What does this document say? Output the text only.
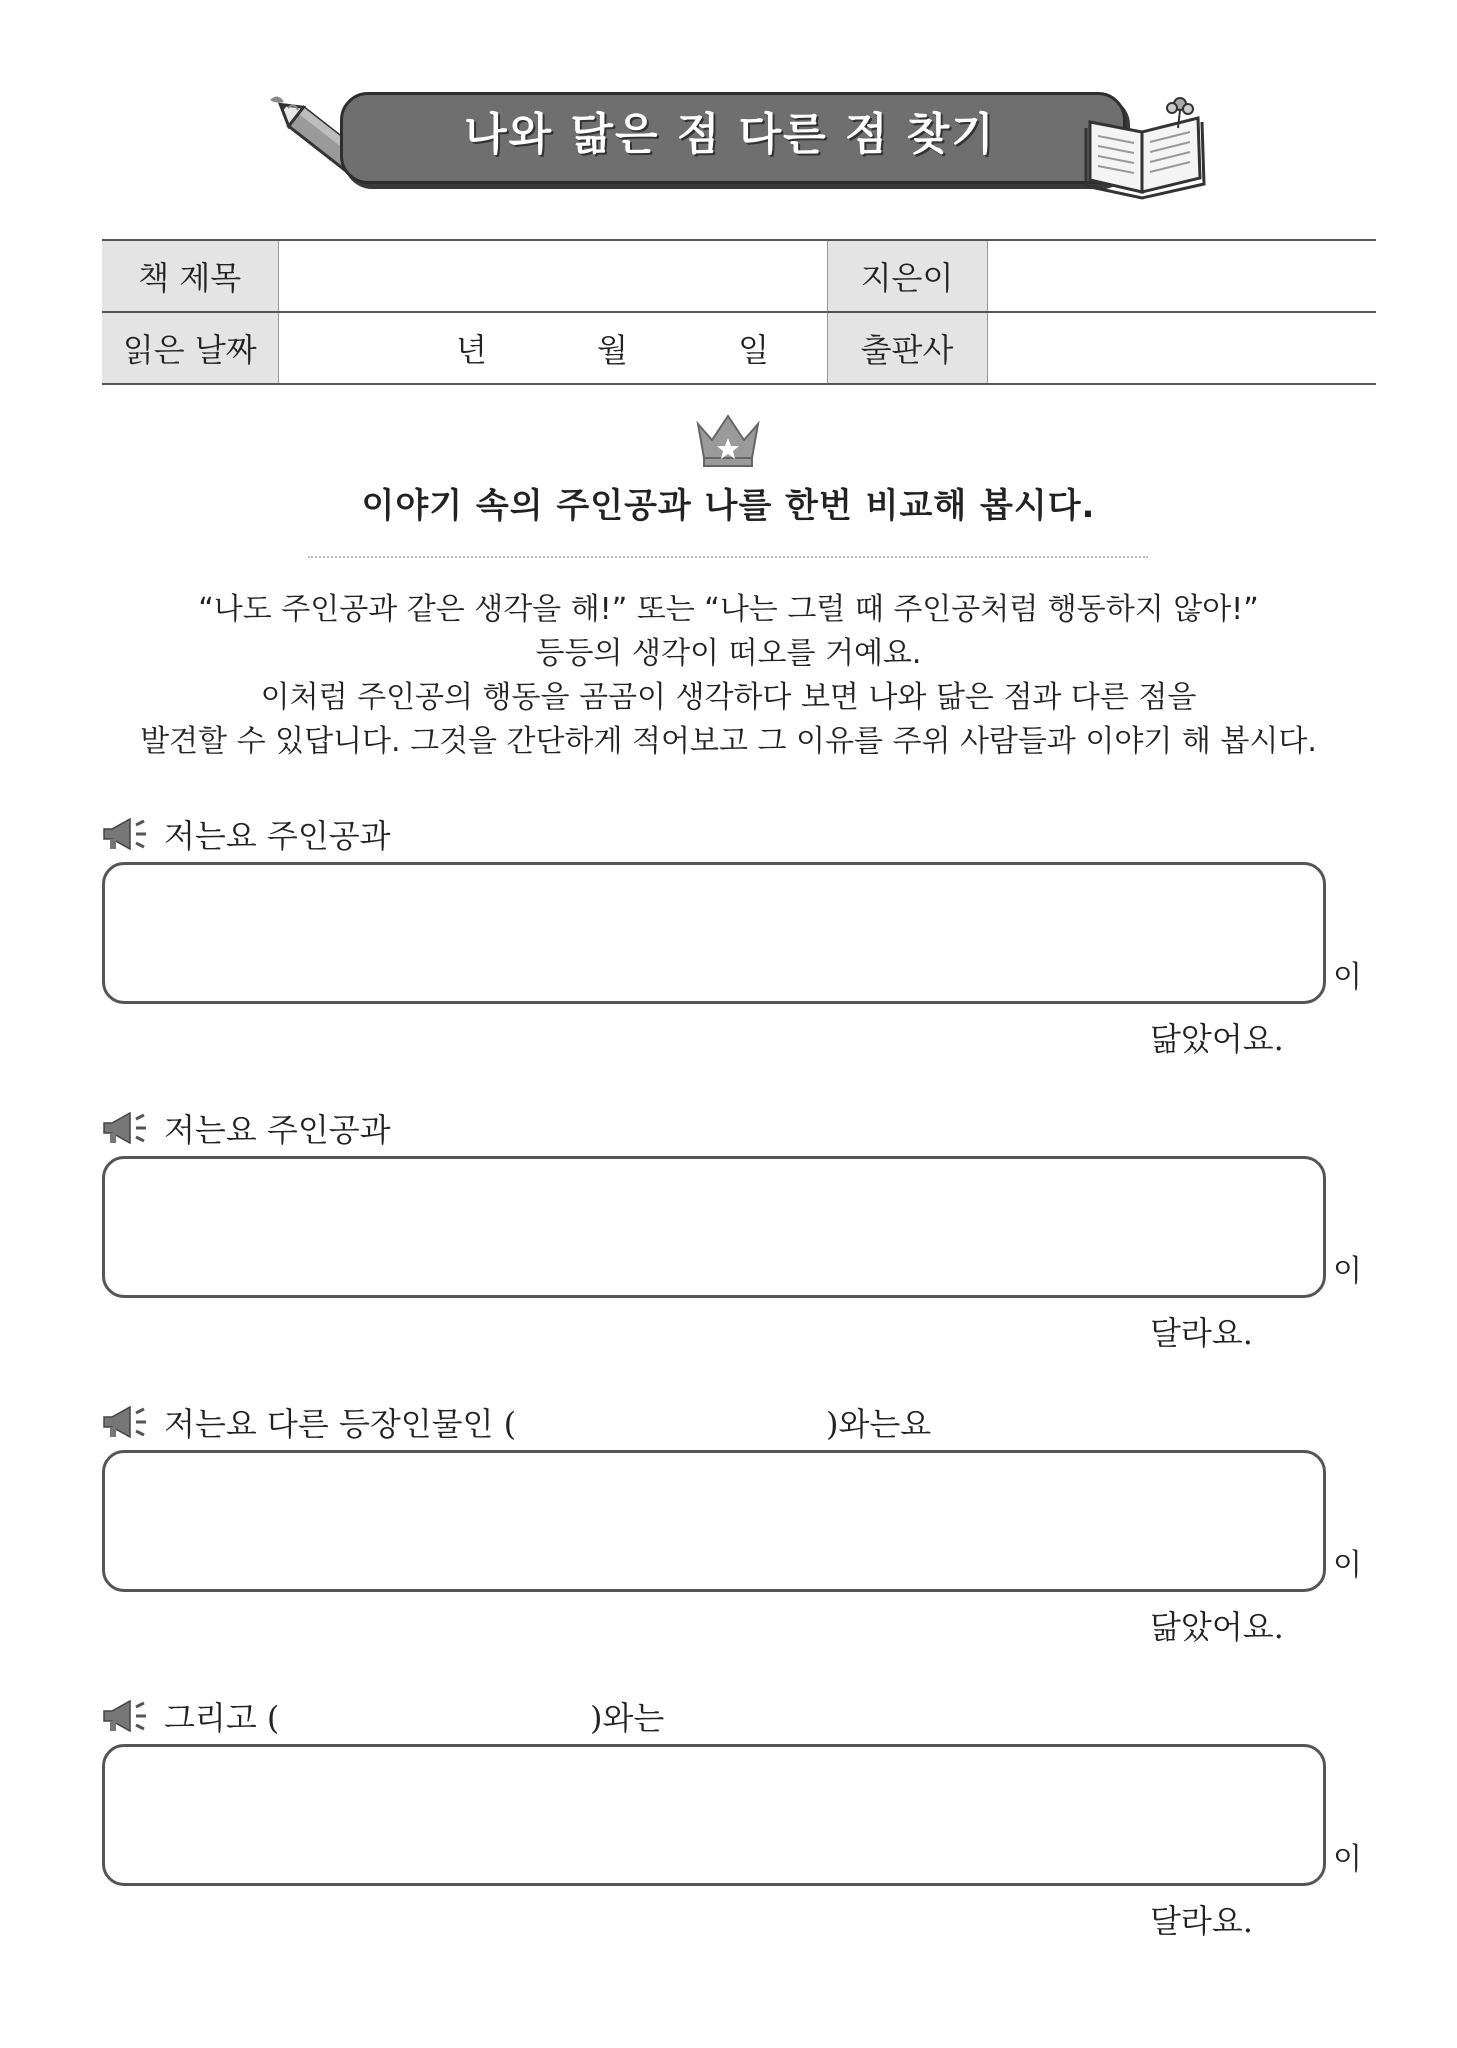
나와 닮은 점 다른 점 찾기
책 제목		지은이	
읽은 날짜	년 월 일	출판사	
이야기 속의 주인공과 나를 한번 비교해 봅시다.
“나도 주인공과 같은 생각을 해!” 또는 “나는 그럴 때 주인공처럼 행동하지 않아!”
등등의 생각이 떠오를 거예요.
이처럼 주인공의 행동을 곰곰이 생각하다 보면 나와 닮은 점과 다른 점을
발견할 수 있답니다. 그것을 간단하게 적어보고 그 이유를 주위 사람들과 이야기 해 봅시다.
저는요 주인공과
이
닮았어요.
저는요 주인공과
이
달라요.
저는요 다른 등장인물인 (	)와는요
이
닮았어요.
그리고 (	)와는
이
달라요.
